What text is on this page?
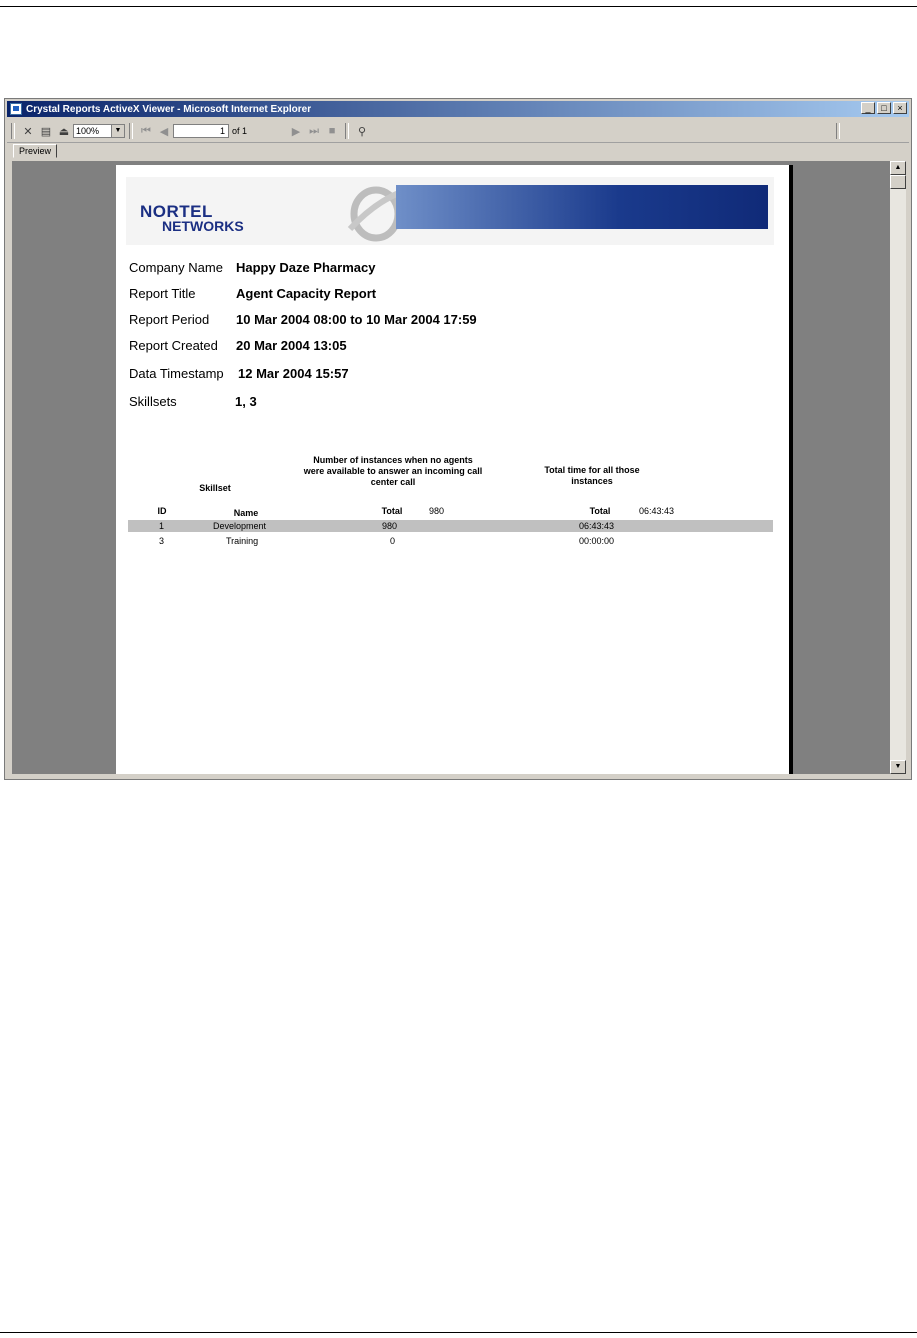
Crystal Reports ActiveX Viewer - Microsoft Internet Explorer	_	□	×
✕ ▤ ⏏ 100%	▼ ⏮ ◀	1 of 1	▶ ⏭ ■	⚲
Preview
NORTEL
NETWORKS
Company Name Happy Daze Pharmacy
Report Title	Agent Capacity Report
Report Period 10 Mar 2004 08:00 to 10 Mar 2004 17:59
Report Created 20 Mar 2004 13:05
Data Timestamp 12 Mar 2004 15:57
Skillsets	1, 3
Number of instances when no agents were available to answer an incoming call center call
Total time for all those instances
Skillset
ID	Name	Total	980	Total	06:43:43
1	Development	980	06:43:43
3	Training	0	00:00:00
▲
▼
